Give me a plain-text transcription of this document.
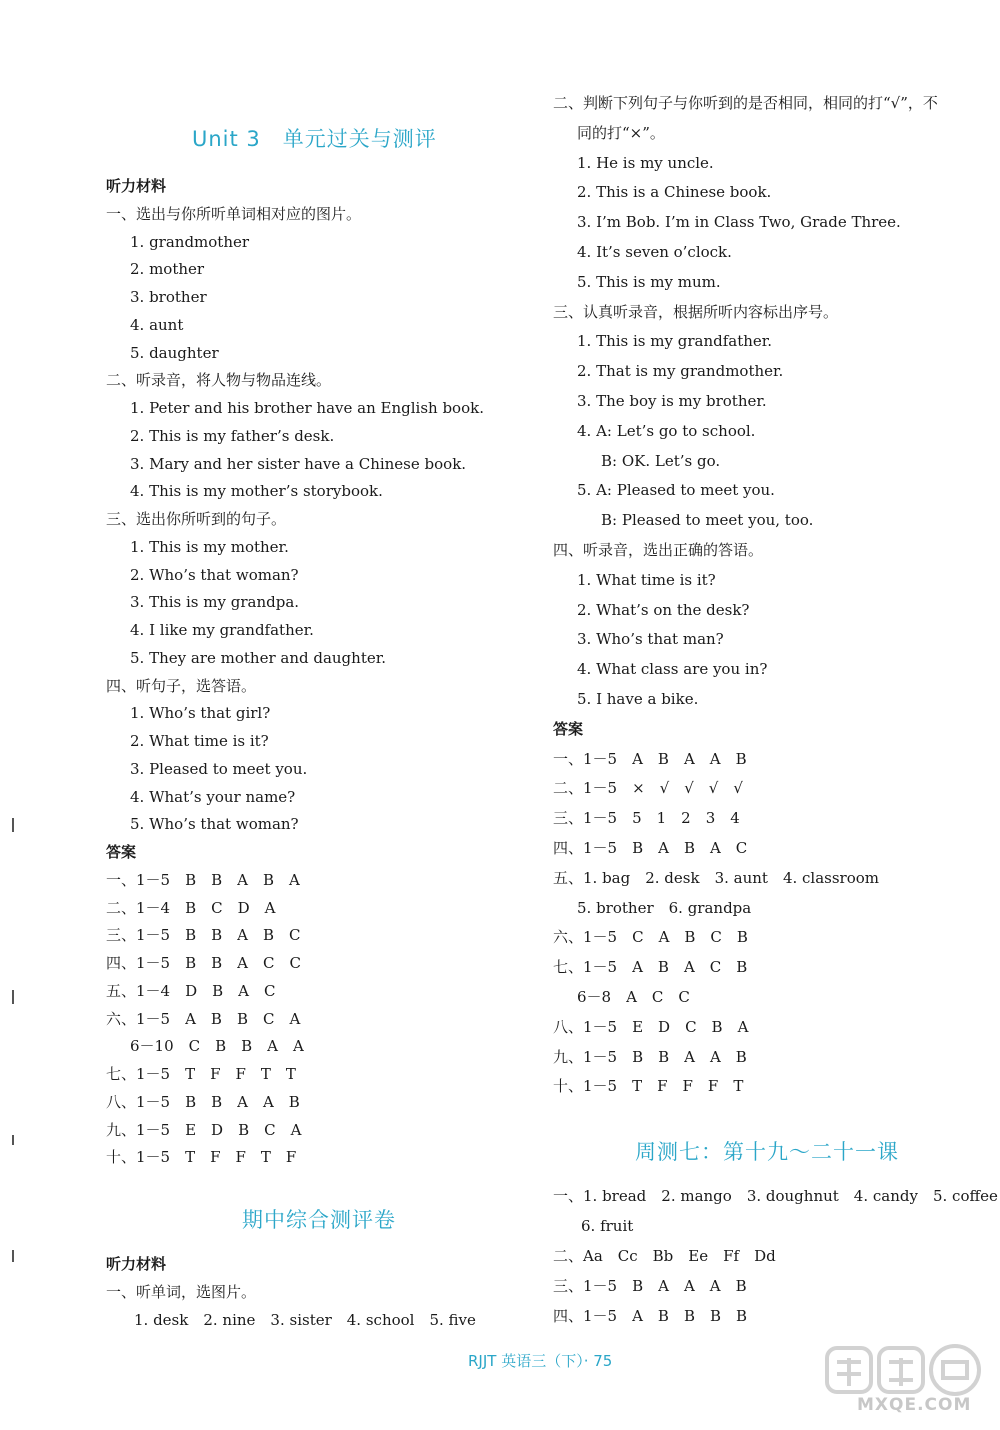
Unit 3　单元过关与测评
听力材料
一、选出与你所听单词相对应的图片。
1. grandmother
2. mother
3. brother
4. aunt
5. daughter
二、听录音，将人物与物品连线。
1. Peter and his brother have an English book.
2. This is my father’s desk.
3. Mary and her sister have a Chinese book.
4. This is my mother’s storybook.
三、选出你所听到的句子。
1. This is my mother.
2. Who’s that woman?
3. This is my grandpa.
4. I like my grandfather.
5. They are mother and daughter.
四、听句子，选答语。
1. Who’s that girl?
2. What time is it?
3. Pleased to meet you.
4. What’s your name?
5. Who’s that woman?
答案
一、1－5　B　B　A　B　A
二、1－4　B　C　D　A
三、1－5　B　B　A　B　C
四、1－5　B　B　A　C　C
五、1－4　D　B　A　C
六、1－5　A　B　B　C　A
6－10　C　B　B　A　A
七、1－5　T　F　F　T　T
八、1－5　B　B　A　A　B
九、1－5　E　D　B　C　A
十、1－5　T　F　F　T　F
期中综合测评卷
听力材料
一、听单词，选图片。
1. desk　2. nine　3. sister　4. school　5. five
二、判断下列句子与你听到的是否相同，相同的打“√”，不
同的打“×”。
1. He is my uncle.
2. This is a Chinese book.
3. I’m Bob. I’m in Class Two, Grade Three.
4. It’s seven o’clock.
5. This is my mum.
三、认真听录音，根据所听内容标出序号。
1. This is my grandfather.
2. That is my grandmother.
3. The boy is my brother.
4. A: Let’s go to school.
B: OK. Let’s go.
5. A: Pleased to meet you.
B: Pleased to meet you, too.
四、听录音，选出正确的答语。
1. What time is it?
2. What’s on the desk?
3. Who’s that man?
4. What class are you in?
5. I have a bike.
答案
一、1－5　A　B　A　A　B
二、1－5　×　√　√　√　√
三、1－5　5　1　2　3　4
四、1－5　B　A　B　A　C
五、1. bag　2. desk　3. aunt　4. classroom
5. brother　6. grandpa
六、1－5　C　A　B　C　B
七、1－5　A　B　A　C　B
6－8　A　C　C
八、1－5　E　D　C　B　A
九、1－5　B　B　A　A　B
十、1－5　T　F　F　F　T
周测七：第十九～二十一课
一、1. bread　2. mango　3. doughnut　4. candy　5. coffee
6. fruit
二、Aa　Cc　Bb　Ee　Ff　Dd
三、1－5　B　A　A　A　B
四、1－5　A　B　B　B　B
RJJT 英语三（下）· 75
MXQE.COM
